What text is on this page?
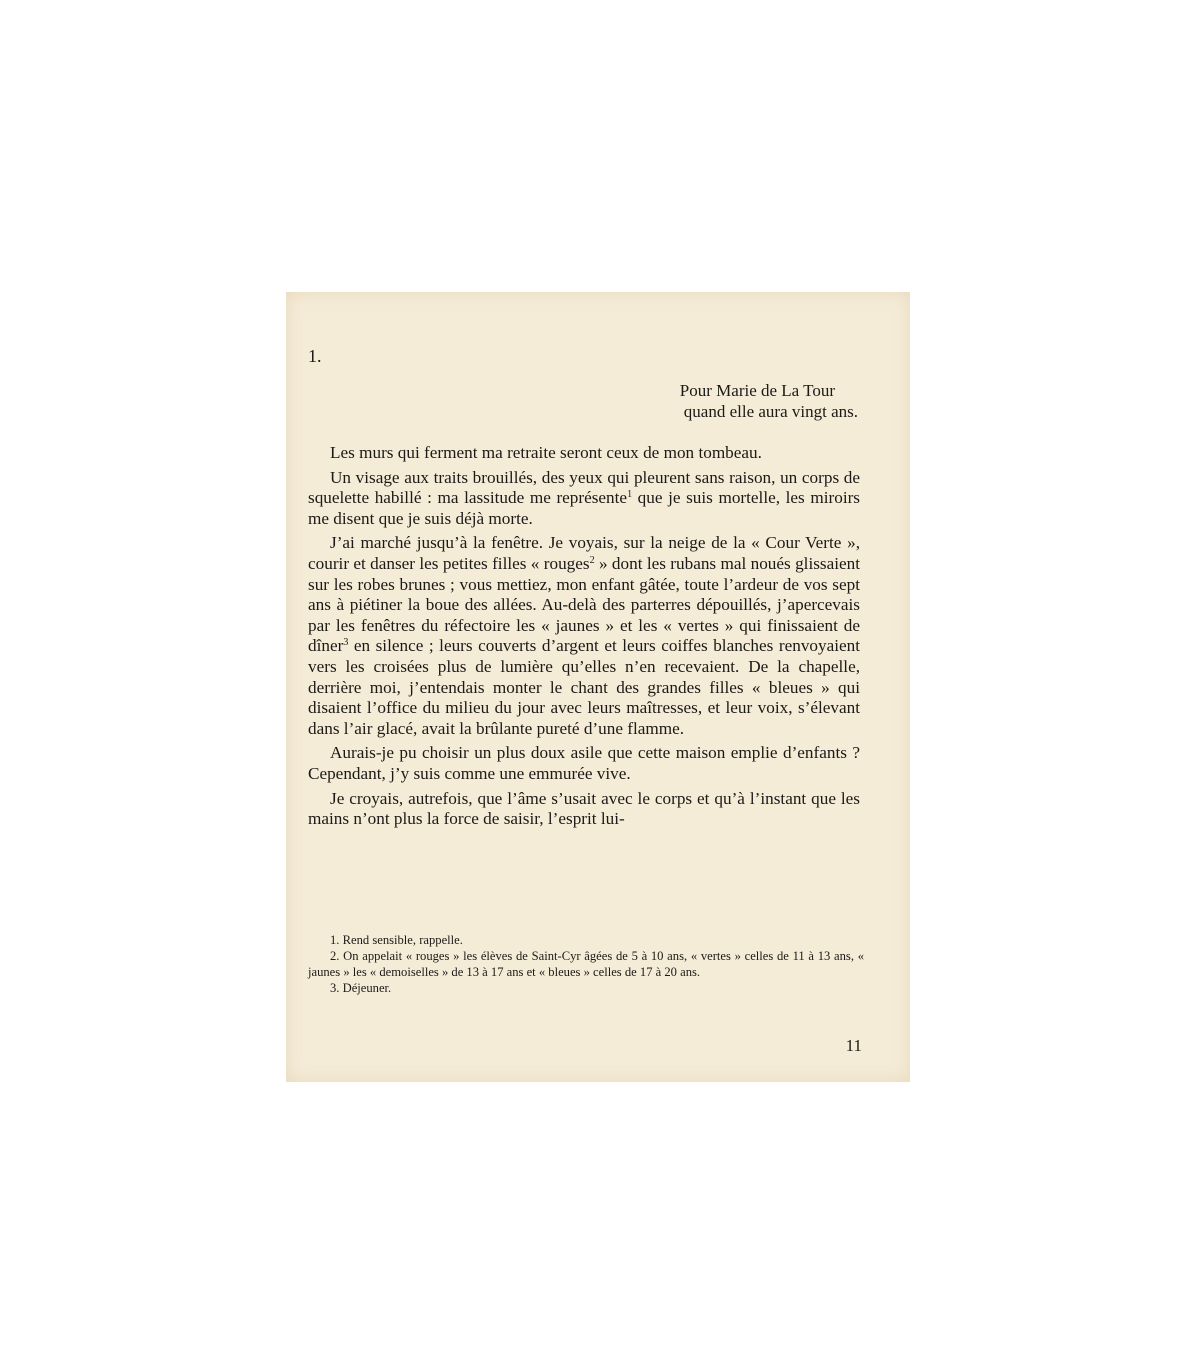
1.
Pour Marie de La Tour
quand elle aura vingt ans.

Les murs qui ferment ma retraite seront ceux de mon tombeau.

Un visage aux traits brouillés, des yeux qui pleurent sans raison, un corps de squelette habillé : ma lassitude me représente$^1$ que je suis mortelle, les miroirs me disent que je suis déjà morte.

J’ai marché jusqu’à la fenêtre. Je voyais, sur la neige de la « Cour Verte », courir et danser les petites filles « rouges$^2$ » dont les rubans mal noués glissaient sur les robes brunes ; vous mettiez, mon enfant gâtée, toute l’ardeur de vos sept ans à piétiner la boue des allées. Au-delà des parterres dépouillés, j’apercevais par les fenêtres du réfectoire les « jaunes » et les « vertes » qui finissaient de dîner$^3$ en silence ; leurs couverts d’argent et leurs coiffes blanches renvoyaient vers les croisées plus de lumière qu’elles n’en recevaient. De la chapelle, derrière moi, j’entendais monter le chant des grandes filles « bleues » qui disaient l’office du milieu du jour avec leurs maîtresses, et leur voix, s’élevant dans l’air glacé, avait la brûlante pureté d’une flamme.

Aurais-je pu choisir un plus doux asile que cette maison emplie d’enfants ? Cependant, j’y suis comme une emmurée vive.

Je croyais, autrefois, que l’âme s’usait avec le corps et qu’à l’instant que les mains n’ont plus la force de saisir, l’esprit lui-

1. Rend sensible, rappelle.

2. On appelait « rouges » les élèves de Saint-Cyr âgées de 5 à 10 ans, « vertes » celles de 11 à 13 ans, « jaunes » les « demoiselles » de 13 à 17 ans et « bleues » celles de 17 à 20 ans.

3. Déjeuner.

11
